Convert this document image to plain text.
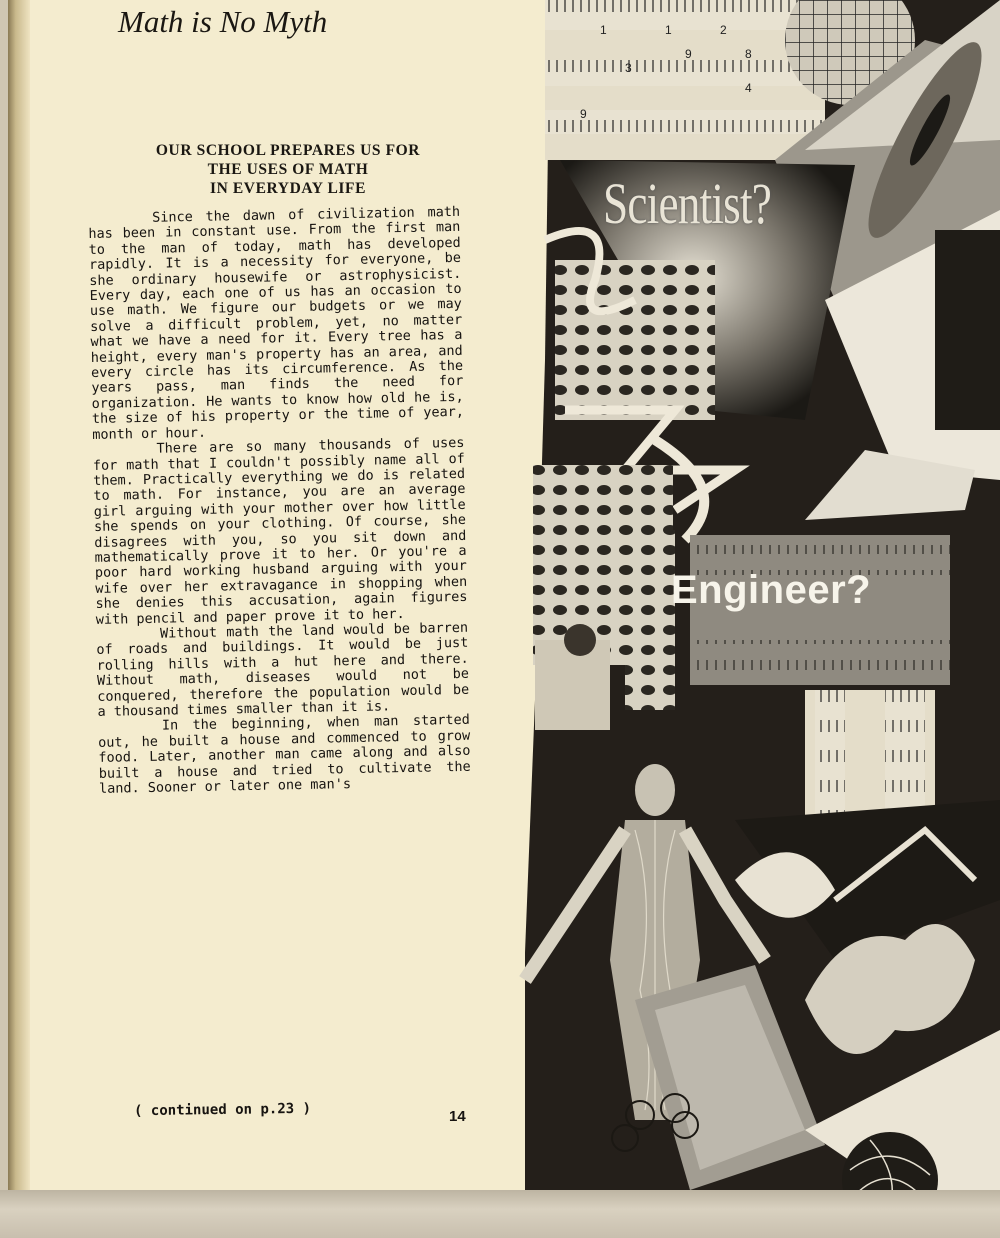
Math is No Myth
OUR SCHOOL PREPARES US FOR
THE USES OF MATH
IN EVERYDAY LIFE

Since the dawn of civilization math has been in constant use. From the first man to the man of today, math has developed rapidly. It is a necessity for everyone, be she ordinary housewife or astrophysicist. Every day, each one of us has an occasion to use math. We figure our budgets or we may solve a difficult problem, yet, no matter what we have a need for it. Every tree has a height, every man's property has an area, and every circle has its circumference. As the years pass, man finds the need for organization. He wants to know how old he is, the size of his property or the time of year, month or hour.

There are so many thousands of uses for math that I couldn't possibly name all of them. Practically everything we do is related to math. For instance, you are an average girl arguing with your mother over how little she spends on your clothing. Of course, she disagrees with you, so you sit down and mathematically prove it to her. Or you're a poor hard working husband arguing with your wife over her extravagance in shopping when she denies this accusation, again figures with pencil and paper prove it to her.

Without math the land would be barren of roads and buildings. It would be just rolling hills with a hut here and there. Without math, diseases would not be conquered, therefore the population would be a thousand times smaller than it is.

In the beginning, when man started out, he built a house and commenced to grow food. Later, another man came along and also built a house and tried to cultivate the land. Sooner or later one man's

( continued on p.23 )	14

1	1	2
3
9	8
4
9

Scientist?

Engineer?
